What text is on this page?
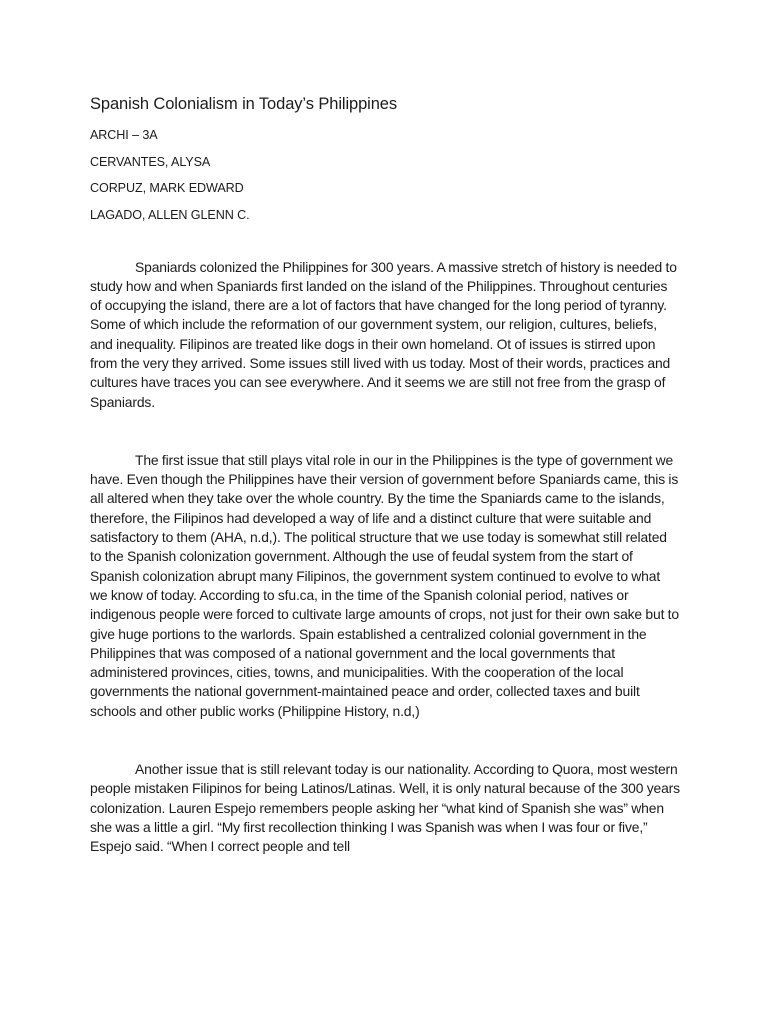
Spanish Colonialism in Today’s Philippines
ARCHI – 3A
CERVANTES, ALYSA
CORPUZ, MARK EDWARD
LAGADO, ALLEN GLENN C.

Spaniards colonized the Philippines for 300 years. A massive stretch of history is needed to study how and when Spaniards first landed on the island of the Philippines. Throughout centuries of occupying the island, there are a lot of factors that have changed for the long period of tyranny. Some of which include the reformation of our government system, our religion, cultures, beliefs, and inequality. Filipinos are treated like dogs in their own homeland. Ot of issues is stirred upon from the very they arrived. Some issues still lived with us today. Most of their words, practices and cultures have traces you can see everywhere. And it seems we are still not free from the grasp of Spaniards.

The first issue that still plays vital role in our in the Philippines is the type of government we have. Even though the Philippines have their version of government before Spaniards came, this is all altered when they take over the whole country. By the time the Spaniards came to the islands, therefore, the Filipinos had developed a way of life and a distinct culture that were suitable and satisfactory to them (AHA, n.d,). The political structure that we use today is somewhat still related to the Spanish colonization government. Although the use of feudal system from the start of Spanish colonization abrupt many Filipinos, the government system continued to evolve to what we know of today. According to sfu.ca, in the time of the Spanish colonial period, natives or indigenous people were forced to cultivate large amounts of crops, not just for their own sake but to give huge portions to the warlords. Spain established a centralized colonial government in the Philippines that was composed of a national government and the local governments that administered provinces, cities, towns, and municipalities. With the cooperation of the local governments the national government-maintained peace and order, collected taxes and built schools and other public works (Philippine History, n.d,)

Another issue that is still relevant today is our nationality. According to Quora, most western people mistaken Filipinos for being Latinos/Latinas. Well, it is only natural because of the 300 years colonization. Lauren Espejo remembers people asking her “what kind of Spanish she was” when she was a little a girl. “My first recollection thinking I was Spanish was when I was four or five,” Espejo said. “When I correct people and tell
